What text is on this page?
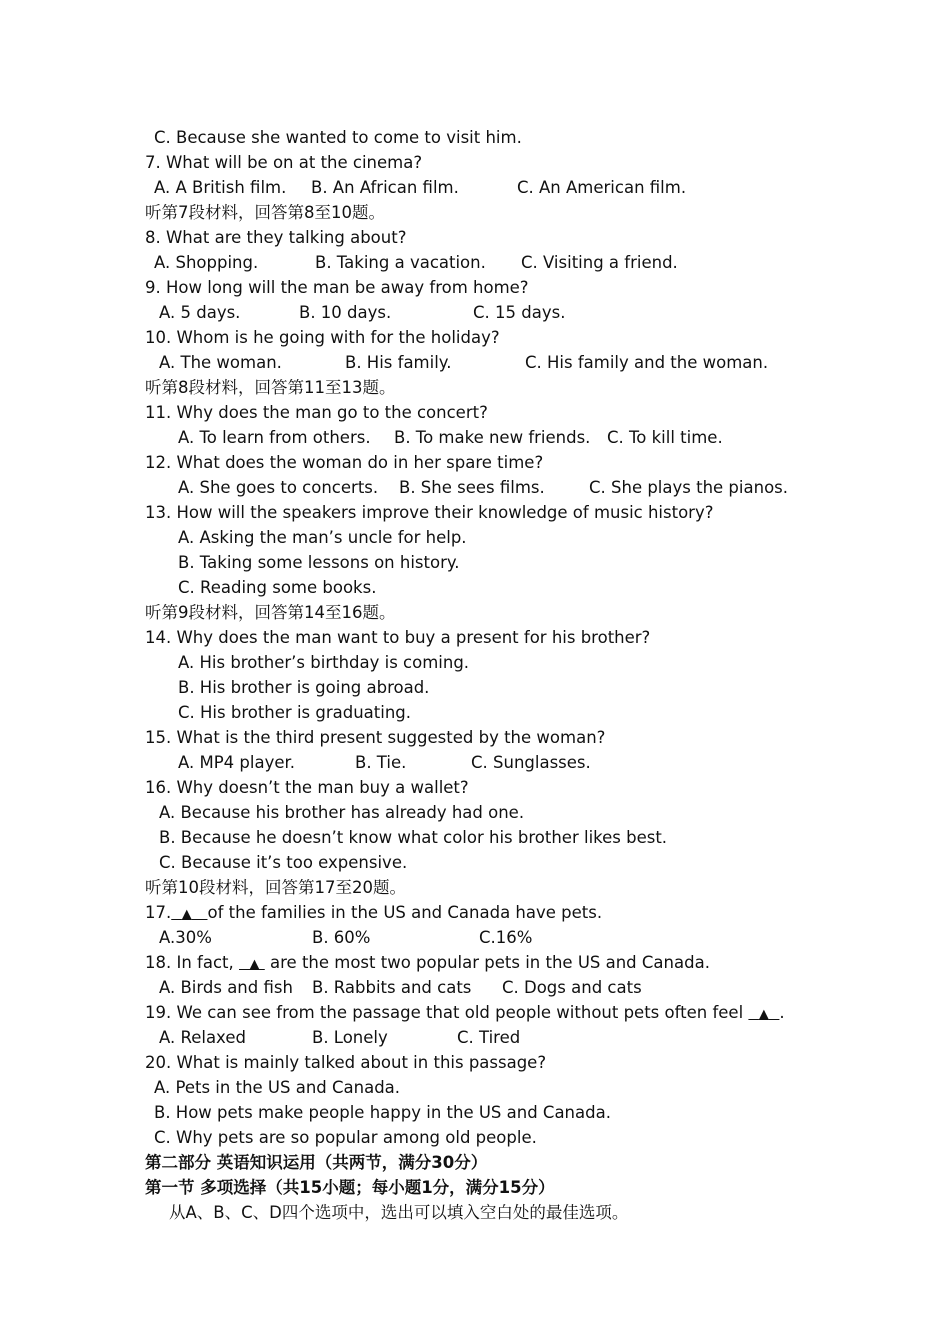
C. Because she wanted to come to visit him.
7. What will be on at the cinema?
A. A British film. B. An African film.	C. An American film.
听第7段材料，回答第8至10题。
8. What are they talking about?
A. Shopping.	B. Taking a vacation. C. Visiting a friend.
9. How long will the man be away from home?
A. 5 days.	B. 10 days.	C. 15 days.
10. Whom is he going with for the holiday?
A. The woman.	B. His family.	C. His family and the woman.
听第8段材料，回答第11至13题。
11. Why does the man go to the concert?
A. To learn from others. B. To make new friends. C. To kill time.
12. What does the woman do in her spare time?
A. She goes to concerts. B. She sees films.	C. She plays the pianos.
13. How will the speakers improve their knowledge of music history?
A. Asking the man’s uncle for help.
B. Taking some lessons on history.
C. Reading some books.
听第9段材料，回答第14至16题。
14. Why does the man want to buy a present for his brother?
A. His brother’s birthday is coming.
B. His brother is going abroad.
C. His brother is graduating.
15. What is the third present suggested by the woman?
A. MP4 player.	B. Tie.	C. Sunglasses.
16. Why doesn’t the man buy a wallet?
A. Because his brother has already had one.
B. Because he doesn’t know what color his brother likes best.
C. Because it’s too expensive.
听第10段材料，回答第17至20题。
17. ▲ of the families in the US and Canada have pets.
A.30%	B. 60%	C.16%
18. In fact, ▲ are the most two popular pets in the US and Canada.
A. Birds and fish B. Rabbits and cats C. Dogs and cats
19. We can see from the passage that old people without pets often feel ▲ .
A. Relaxed	B. Lonely	C. Tired
20. What is mainly talked about in this passage?
A. Pets in the US and Canada.
B. How pets make people happy in the US and Canada.
C. Why pets are so popular among old people.
第二部分 英语知识运用（共两节，满分30分）
第一节 多项选择（共15小题；每小题1分，满分15分）
从A、B、C、D四个选项中，选出可以填入空白处的最佳选项。
